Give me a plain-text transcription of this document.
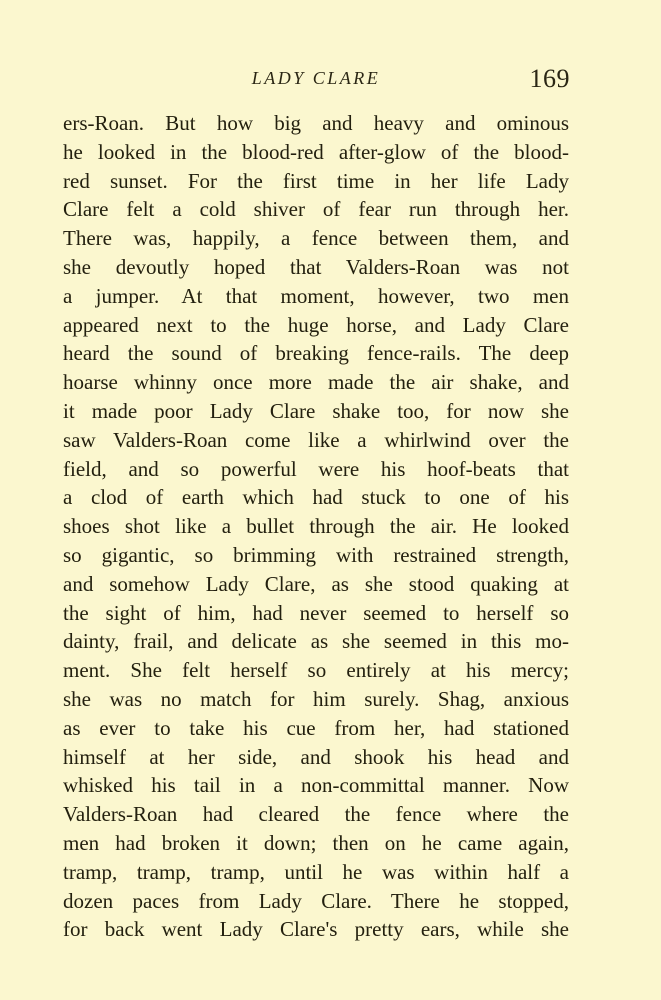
LADY CLARE	169
ers-Roan. But how big and heavy and ominous
he looked in the blood-red after-glow of the blood-
red sunset. For the first time in her life Lady
Clare felt a cold shiver of fear run through her.
There was, happily, a fence between them, and
she devoutly hoped that Valders-Roan was not
a jumper. At that moment, however, two men
appeared next to the huge horse, and Lady Clare
heard the sound of breaking fence-rails. The deep
hoarse whinny once more made the air shake, and
it made poor Lady Clare shake too, for now she
saw Valders-Roan come like a whirlwind over the
field, and so powerful were his hoof-beats that
a clod of earth which had stuck to one of his
shoes shot like a bullet through the air. He looked
so gigantic, so brimming with restrained strength,
and somehow Lady Clare, as she stood quaking at
the sight of him, had never seemed to herself so
dainty, frail, and delicate as she seemed in this mo-
ment. She felt herself so entirely at his mercy;
she was no match for him surely. Shag, anxious
as ever to take his cue from her, had stationed
himself at her side, and shook his head and
whisked his tail in a non-committal manner. Now
Valders-Roan had cleared the fence where the
men had broken it down; then on he came again,
tramp, tramp, tramp, until he was within half a
dozen paces from Lady Clare. There he stopped,
for back went Lady Clare's pretty ears, while she
